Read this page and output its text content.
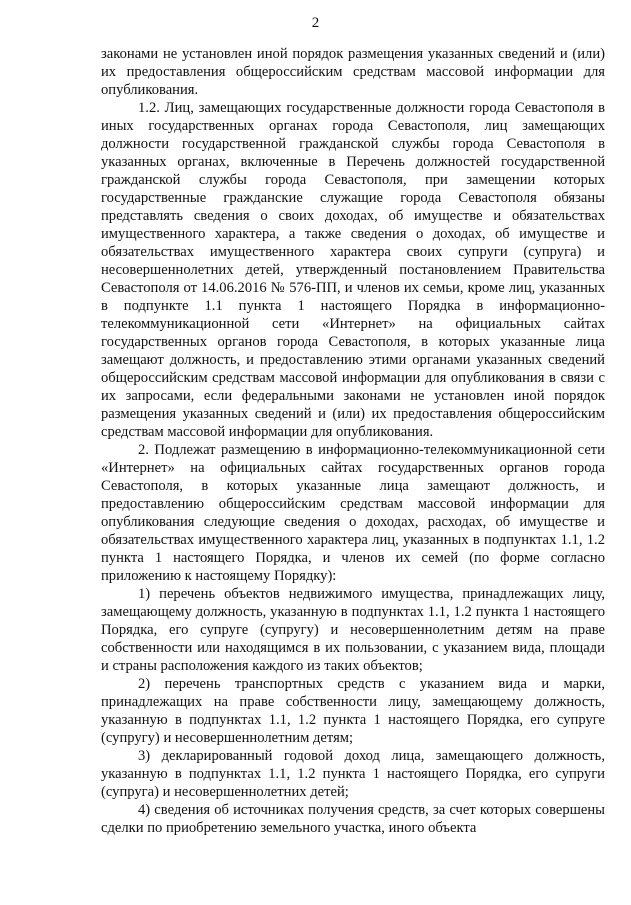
2

законами не установлен иной порядок размещения указанных сведений и (или) их предоставления общероссийским средствам массовой информации для опубликования.

1.2. Лиц, замещающих государственные должности города Севастополя в иных государственных органах города Севастополя, лиц замещающих должности государственной гражданской службы города Севастополя в указанных органах, включенные в Перечень должностей государственной гражданской службы города Севастополя, при замещении которых государственные гражданские служащие города Севастополя обязаны представлять сведения о своих доходах, об имуществе и обязательствах имущественного характера, а также сведения о доходах, об имуществе и обязательствах имущественного характера своих супруги (супруга) и несовершеннолетних детей, утвержденный постановлением Правительства Севастополя от 14.06.2016 № 576-ПП, и членов их семьи, кроме лиц, указанных в подпункте 1.1 пункта 1 настоящего Порядка в информационно-телекоммуникационной сети «Интернет» на официальных сайтах государственных органов города Севастополя, в которых указанные лица замещают должность, и предоставлению этими органами указанных сведений общероссийским средствам массовой информации для опубликования в связи с их запросами, если федеральными законами не установлен иной порядок размещения указанных сведений и (или) их предоставления общероссийским средствам массовой информации для опубликования.

2. Подлежат размещению в информационно-телекоммуникационной сети «Интернет» на официальных сайтах государственных органов города Севастополя, в которых указанные лица замещают должность, и предоставлению общероссийским средствам массовой информации для опубликования следующие сведения о доходах, расходах, об имуществе и обязательствах имущественного характера лиц, указанных в подпунктах 1.1, 1.2 пункта 1 настоящего Порядка, и членов их семей (по форме согласно приложению к настоящему Порядку):

1) перечень объектов недвижимого имущества, принадлежащих лицу, замещающему должность, указанную в подпунктах 1.1, 1.2 пункта 1 настоящего Порядка, его супруге (супругу) и несовершеннолетним детям на праве собственности или находящимся в их пользовании, с указанием вида, площади и страны расположения каждого из таких объектов;

2) перечень транспортных средств с указанием вида и марки, принадлежащих на праве собственности лицу, замещающему должность, указанную в подпунктах 1.1, 1.2 пункта 1 настоящего Порядка, его супруге (супругу) и несовершеннолетним детям;

3) декларированный годовой доход лица, замещающего должность, указанную в подпунктах 1.1, 1.2 пункта 1 настоящего Порядка, его супруги (супруга) и несовершеннолетних детей;

4) сведения об источниках получения средств, за счет которых совершены сделки по приобретению земельного участка, иного объекта
